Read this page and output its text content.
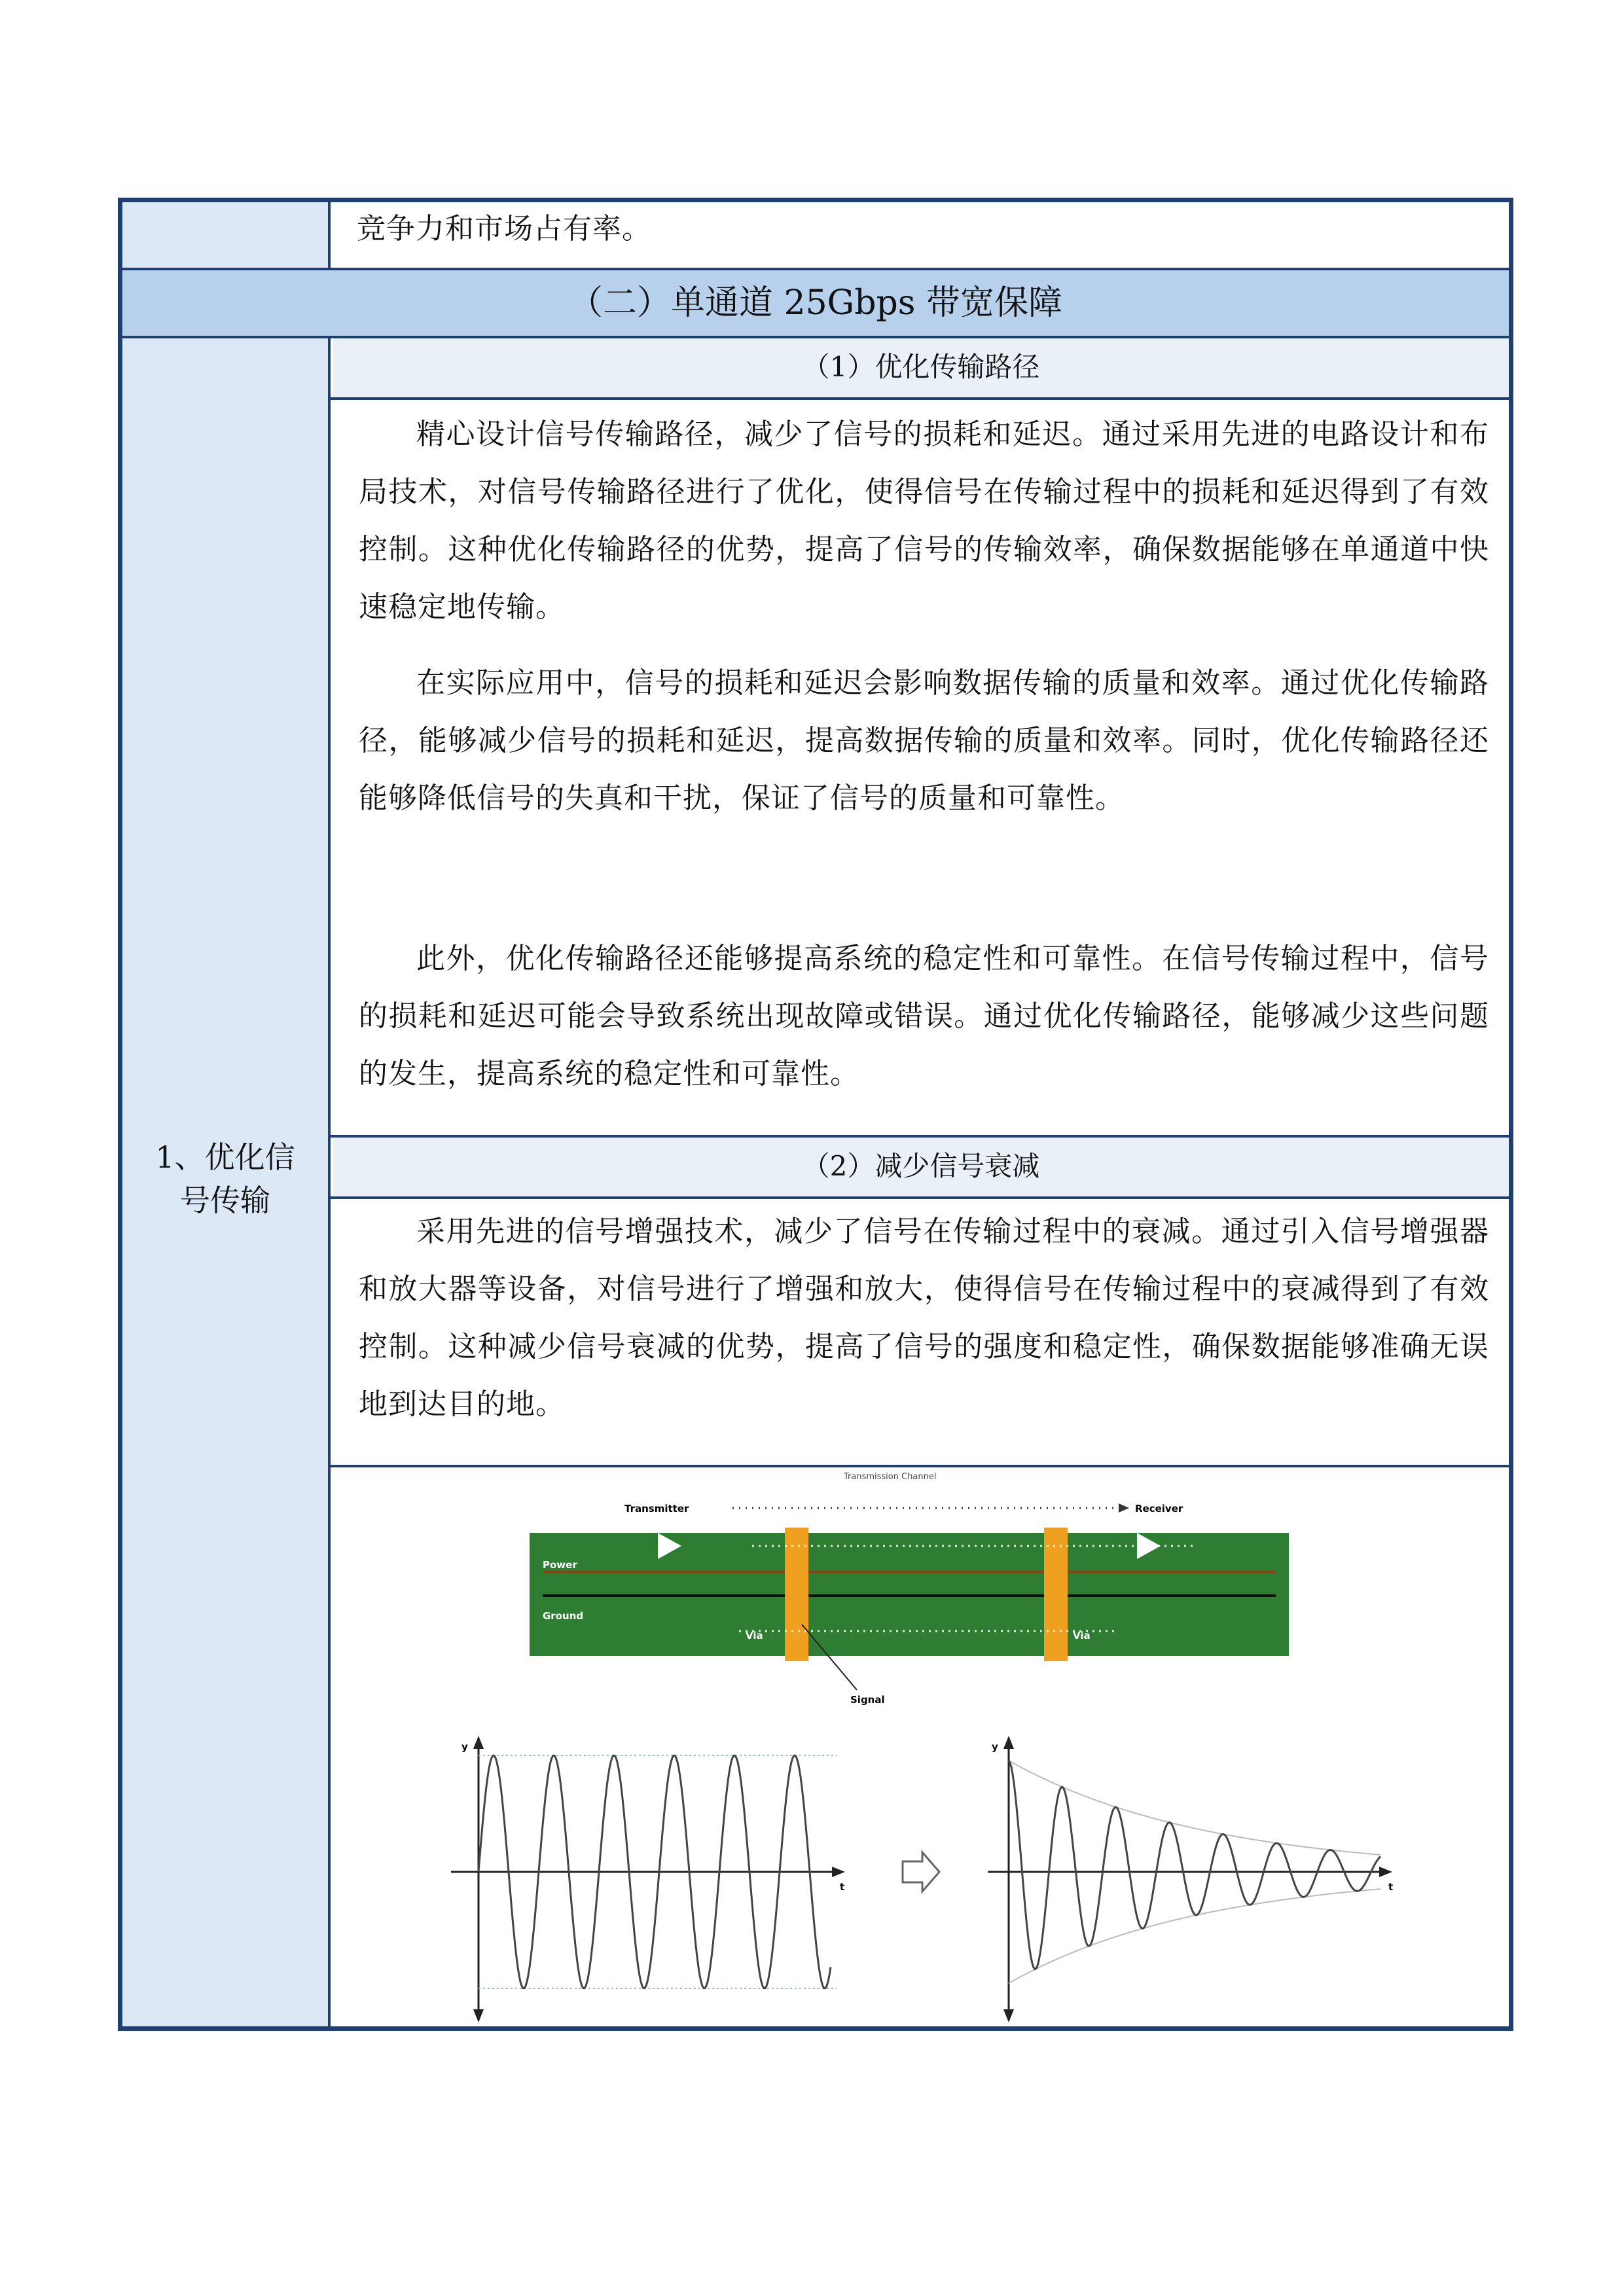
竞争力和市场占有率。
（二）单通道 25Gbps 带宽保障
1、优化信
号传输
（1）优化传输路径
精心设计信号传输路径，减少了信号的损耗和延迟。通过采用先进的电路设计和布局技术，对信号传输路径进行了优化，使得信号在传输过程中的损耗和延迟得到了有效控制。这种优化传输路径的优势，提高了信号的传输效率，确保数据能够在单通道中快速稳定地传输。
在实际应用中，信号的损耗和延迟会影响数据传输的质量和效率。通过优化传输路径，能够减少信号的损耗和延迟，提高数据传输的质量和效率。同时，优化传输路径还能够降低信号的失真和干扰，保证了信号的质量和可靠性。
此外，优化传输路径还能够提高系统的稳定性和可靠性。在信号传输过程中，信号的损耗和延迟可能会导致系统出现故障或错误。通过优化传输路径，能够减少这些问题的发生，提高系统的稳定性和可靠性。
（2）减少信号衰减
采用先进的信号增强技术，减少了信号在传输过程中的衰减。通过引入信号增强器和放大器等设备，对信号进行了增强和放大，使得信号在传输过程中的衰减得到了有效控制。这种减少信号衰减的优势，提高了信号的强度和稳定性，确保数据能够准确无误地到达目的地。
Transmission Channel
Transmitter	Receiver
Power
Ground
Via	Via
Signal
y
t
y
t
